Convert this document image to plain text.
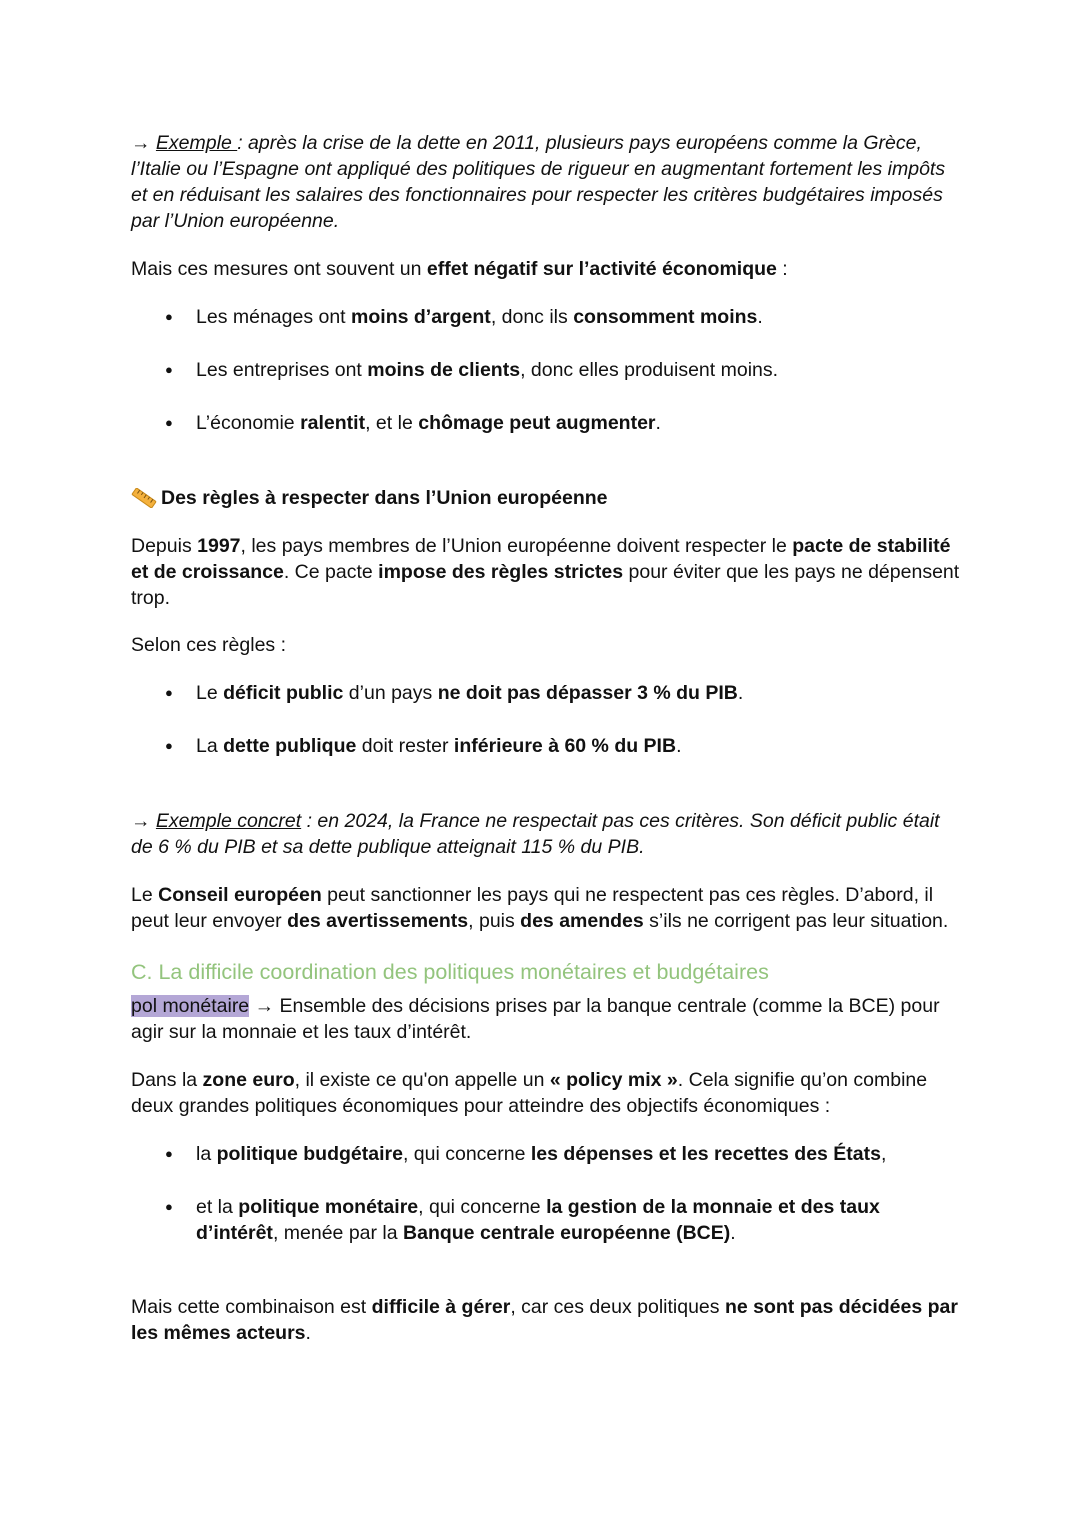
→ Exemple : après la crise de la dette en 2011, plusieurs pays européens comme la Grèce, l’Italie ou l’Espagne ont appliqué des politiques de rigueur en augmentant fortement les impôts et en réduisant les salaires des fonctionnaires pour respecter les critères budgétaires imposés par l’Union européenne.

Mais ces mesures ont souvent un effet négatif sur l’activité économique :

● Les ménages ont moins d’argent, donc ils consomment moins.
● Les entreprises ont moins de clients, donc elles produisent moins.
● L’économie ralentit, et le chômage peut augmenter.

Des règles à respecter dans l’Union européenne

Depuis 1997, les pays membres de l’Union européenne doivent respecter le pacte de stabilité et de croissance. Ce pacte impose des règles strictes pour éviter que les pays ne dépensent trop.

Selon ces règles :

● Le déficit public d’un pays ne doit pas dépasser 3 % du PIB.
● La dette publique doit rester inférieure à 60 % du PIB.

→ Exemple concret : en 2024, la France ne respectait pas ces critères. Son déficit public était de 6 % du PIB et sa dette publique atteignait 115 % du PIB.

Le Conseil européen peut sanctionner les pays qui ne respectent pas ces règles. D’abord, il peut leur envoyer des avertissements, puis des amendes s’ils ne corrigent pas leur situation.

C. La difficile coordination des politiques monétaires et budgétaires

pol monétaire → Ensemble des décisions prises par la banque centrale (comme la BCE) pour agir sur la monnaie et les taux d’intérêt.

Dans la zone euro, il existe ce qu'on appelle un « policy mix ». Cela signifie qu’on combine deux grandes politiques économiques pour atteindre des objectifs économiques :

● la politique budgétaire, qui concerne les dépenses et les recettes des États,
● et la politique monétaire, qui concerne la gestion de la monnaie et des taux d’intérêt, menée par la Banque centrale européenne (BCE).

Mais cette combinaison est difficile à gérer, car ces deux politiques ne sont pas décidées par les mêmes acteurs.
